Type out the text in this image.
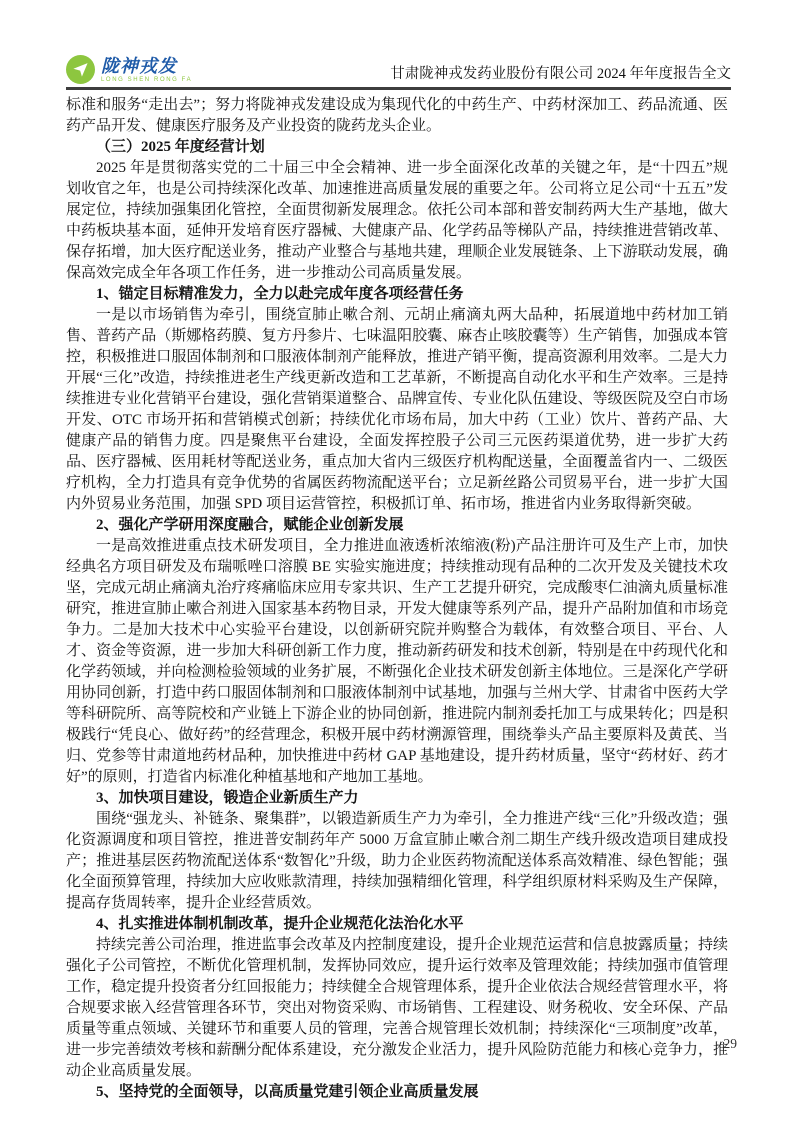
陇神戎发
LONG SHEN RONG FA	甘肃陇神戎发药业股份有限公司 2024 年年度报告全文

标准和服务“走出去”；努力将陇神戎发建设成为集现代化的中药生产、中药材深加工、药品流通、医药产品开发、健康医疗服务及产业投资的陇药龙头企业。

（三）2025 年度经营计划

2025 年是贯彻落实党的二十届三中全会精神、进一步全面深化改革的关键之年，是“十四五”规划收官之年，也是公司持续深化改革、加速推进高质量发展的重要之年。公司将立足公司“十五五”发展定位，持续加强集团化管控，全面贯彻新发展理念。依托公司本部和普安制药两大生产基地，做大中药板块基本面，延伸开发培育医疗器械、大健康产品、化学药品等梯队产品，持续推进营销改革、保存拓增，加大医疗配送业务，推动产业整合与基地共建，理顺企业发展链条、上下游联动发展，确保高效完成全年各项工作任务，进一步推动公司高质量发展。

1、锚定目标精准发力，全力以赴完成年度各项经营任务

一是以市场销售为牵引，围绕宣肺止嗽合剂、元胡止痛滴丸两大品种，拓展道地中药材加工销售、普药产品（斯娜格药膜、复方丹参片、七味温阳胶囊、麻杏止咳胶囊等）生产销售，加强成本管控，积极推进口服固体制剂和口服液体制剂产能释放，推进产销平衡，提高资源利用效率。二是大力开展“三化”改造，持续推进老生产线更新改造和工艺革新，不断提高自动化水平和生产效率。三是持续推进专业化营销平台建设，强化营销渠道整合、品牌宣传、专业化队伍建设、等级医院及空白市场开发、OTC 市场开拓和营销模式创新；持续优化市场布局，加大中药（工业）饮片、普药产品、大健康产品的销售力度。四是聚焦平台建设，全面发挥控股子公司三元医药渠道优势，进一步扩大药品、医疗器械、医用耗材等配送业务，重点加大省内三级医疗机构配送量，全面覆盖省内一、二级医疗机构，全力打造具有竞争优势的省属医药物流配送平台；立足新丝路公司贸易平台，进一步扩大国内外贸易业务范围，加强 SPD 项目运营管控，积极抓订单、拓市场，推进省内业务取得新突破。

2、强化产学研用深度融合，赋能企业创新发展

一是高效推进重点技术研发项目，全力推进血液透析浓缩液(粉)产品注册许可及生产上市，加快经典名方项目研发及布瑞哌唑口溶膜 BE 实验实施进度；持续推动现有品种的二次开发及关键技术攻坚，完成元胡止痛滴丸治疗疼痛临床应用专家共识、生产工艺提升研究，完成酸枣仁油滴丸质量标准研究，推进宣肺止嗽合剂进入国家基本药物目录，开发大健康等系列产品，提升产品附加值和市场竞争力。二是加大技术中心实验平台建设，以创新研究院并购整合为载体，有效整合项目、平台、人才、资金等资源，进一步加大科研创新工作力度，推动新药研发和技术创新，特别是在中药现代化和化学药领域，并向检测检验领域的业务扩展，不断强化企业技术研发创新主体地位。三是深化产学研用协同创新，打造中药口服固体制剂和口服液体制剂中试基地，加强与兰州大学、甘肃省中医药大学等科研院所、高等院校和产业链上下游企业的协同创新，推进院内制剂委托加工与成果转化；四是积极践行“凭良心、做好药”的经营理念，积极开展中药材溯源管理，围绕拳头产品主要原料及黄芪、当归、党参等甘肃道地药材品种，加快推进中药材 GAP 基地建设，提升药材质量，坚守“药材好、药才好”的原则，打造省内标准化种植基地和产地加工基地。

3、加快项目建设，锻造企业新质生产力

围绕“强龙头、补链条、聚集群”，以锻造新质生产力为牵引，全力推进产线“三化”升级改造；强化资源调度和项目管控，推进普安制药年产 5000 万盒宣肺止嗽合剂二期生产线升级改造项目建成投产；推进基层医药物流配送体系“数智化”升级，助力企业医药物流配送体系高效精准、绿色智能；强化全面预算管理，持续加大应收账款清理，持续加强精细化管理，科学组织原材料采购及生产保障，提高存货周转率，提升企业经营质效。

4、扎实推进体制机制改革，提升企业规范化法治化水平

持续完善公司治理，推进监事会改革及内控制度建设，提升企业规范运营和信息披露质量；持续强化子公司管控，不断优化管理机制，发挥协同效应，提升运行效率及管理效能；持续加强市值管理工作，稳定提升投资者分红回报能力；持续健全合规管理体系，提升企业依法合规经营管理水平，将合规要求嵌入经营管理各环节，突出对物资采购、市场销售、工程建设、财务税收、安全环保、产品质量等重点领域、关键环节和重要人员的管理，完善合规管理长效机制；持续深化“三项制度”改革，进一步完善绩效考核和薪酬分配体系建设，充分激发企业活力，提升风险防范能力和核心竞争力，推动企业高质量发展。

5、坚持党的全面领导，以高质量党建引领企业高质量发展
29
